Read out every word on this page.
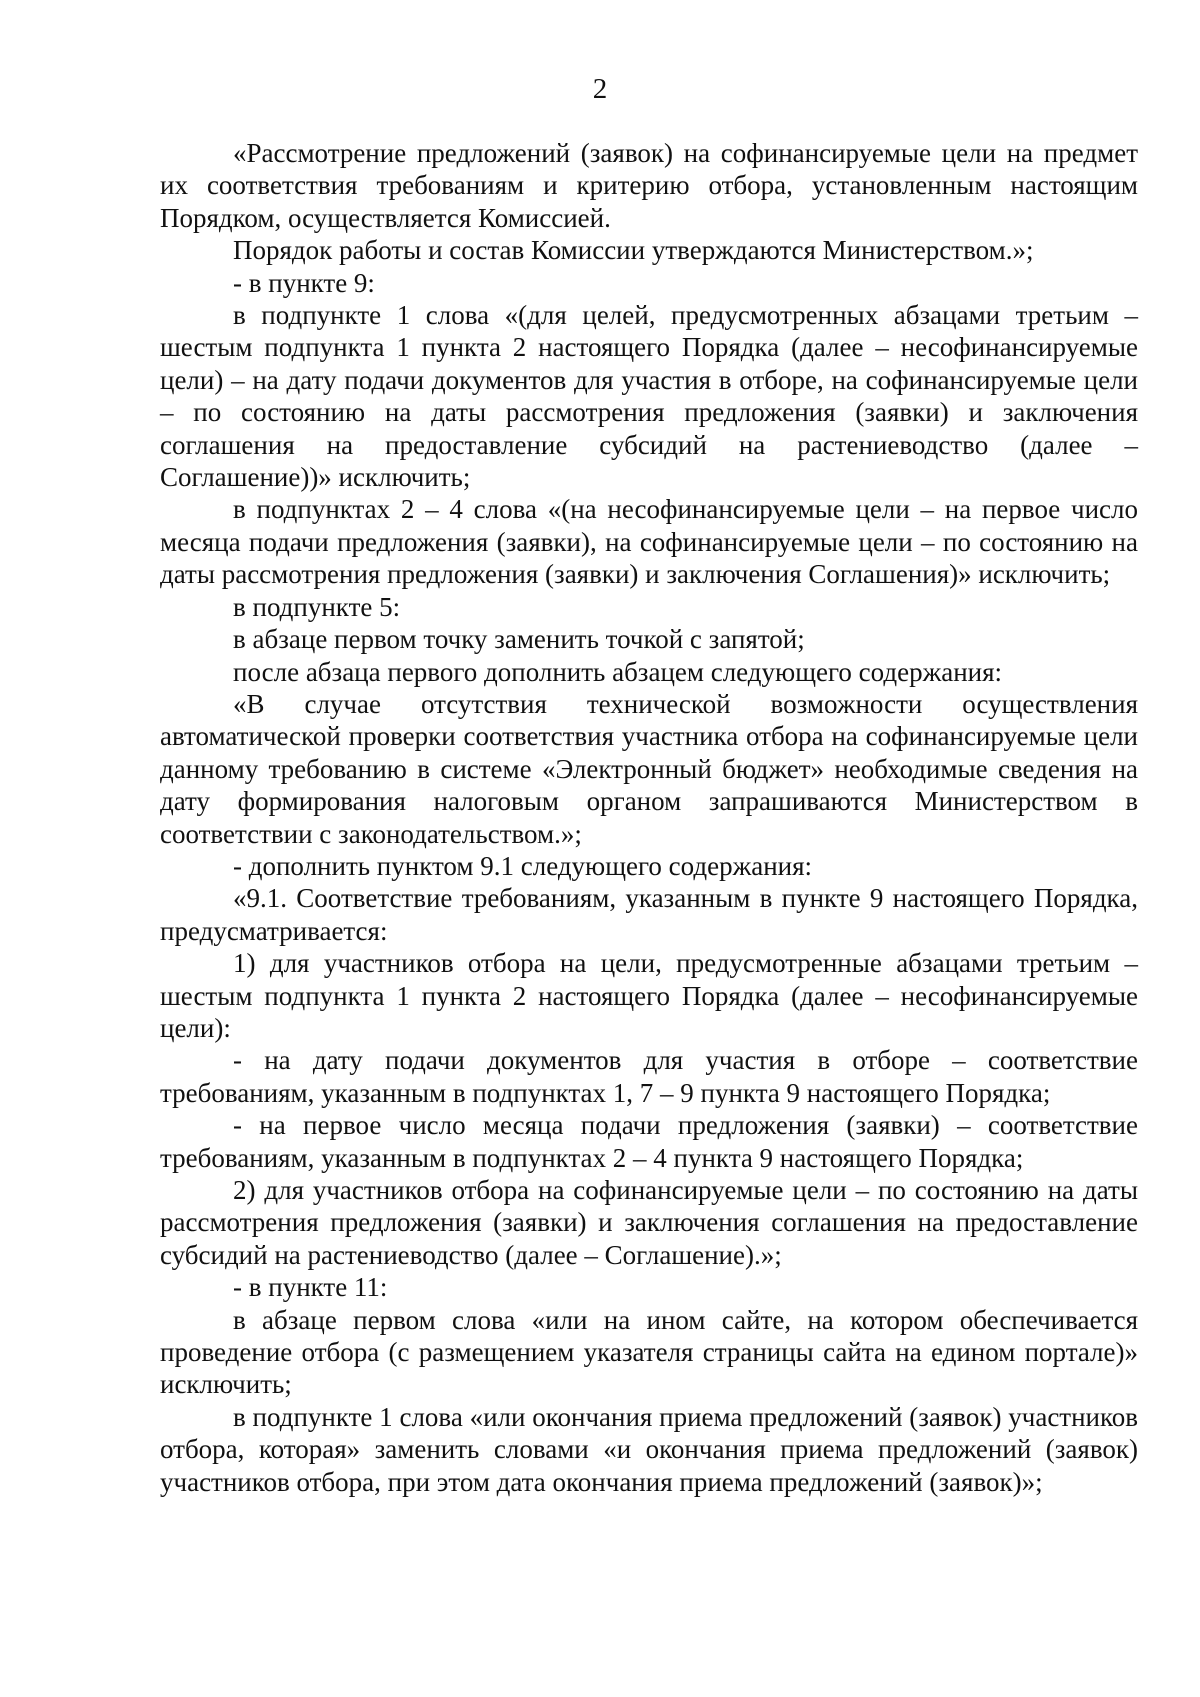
2

«Рассмотрение предложений (заявок) на софинансируемые цели на предмет их соответствия требованиям и критерию отбора, установленным настоящим Порядком, осуществляется Комиссией.

Порядок работы и состав Комиссии утверждаются Министерством.»;

- в пункте 9:

в подпункте 1 слова «(для целей, предусмотренных абзацами третьим – шестым подпункта 1 пункта 2 настоящего Порядка (далее – несофинансируемые цели) – на дату подачи документов для участия в отборе, на софинансируемые цели – по состоянию на даты рассмотрения предложения (заявки) и заключения соглашения на предоставление субсидий на растениеводство (далее – Соглашение))» исключить;

в подпунктах 2 – 4 слова «(на несофинансируемые цели – на первое число месяца подачи предложения (заявки), на софинансируемые цели – по состоянию на даты рассмотрения предложения (заявки) и заключения Соглашения)» исключить;

в подпункте 5:

в абзаце первом точку заменить точкой с запятой;

после абзаца первого дополнить абзацем следующего содержания:

«В случае отсутствия технической возможности осуществления автоматической проверки соответствия участника отбора на софинансируемые цели данному требованию в системе «Электронный бюджет» необходимые сведения на дату формирования налоговым органом запрашиваются Министерством в соответствии с законодательством.»;

- дополнить пунктом 9.1 следующего содержания:

«9.1. Соответствие требованиям, указанным в пункте 9 настоящего Порядка, предусматривается:

1) для участников отбора на цели, предусмотренные абзацами третьим – шестым подпункта 1 пункта 2 настоящего Порядка (далее – несофинансируемые цели):

- на дату подачи документов для участия в отборе – соответствие требованиям, указанным в подпунктах 1, 7 – 9 пункта 9 настоящего Порядка;

- на первое число месяца подачи предложения (заявки) – соответствие требованиям, указанным в подпунктах 2 – 4 пункта 9 настоящего Порядка;

2) для участников отбора на софинансируемые цели – по состоянию на даты рассмотрения предложения (заявки) и заключения соглашения на предоставление субсидий на растениеводство (далее – Соглашение).»;

- в пункте 11:

в абзаце первом слова «или на ином сайте, на котором обеспечивается проведение отбора (с размещением указателя страницы сайта на едином портале)» исключить;

в подпункте 1 слова «или окончания приема предложений (заявок) участников отбора, которая» заменить словами «и окончания приема предложений (заявок) участников отбора, при этом дата окончания приема предложений (заявок)»;
